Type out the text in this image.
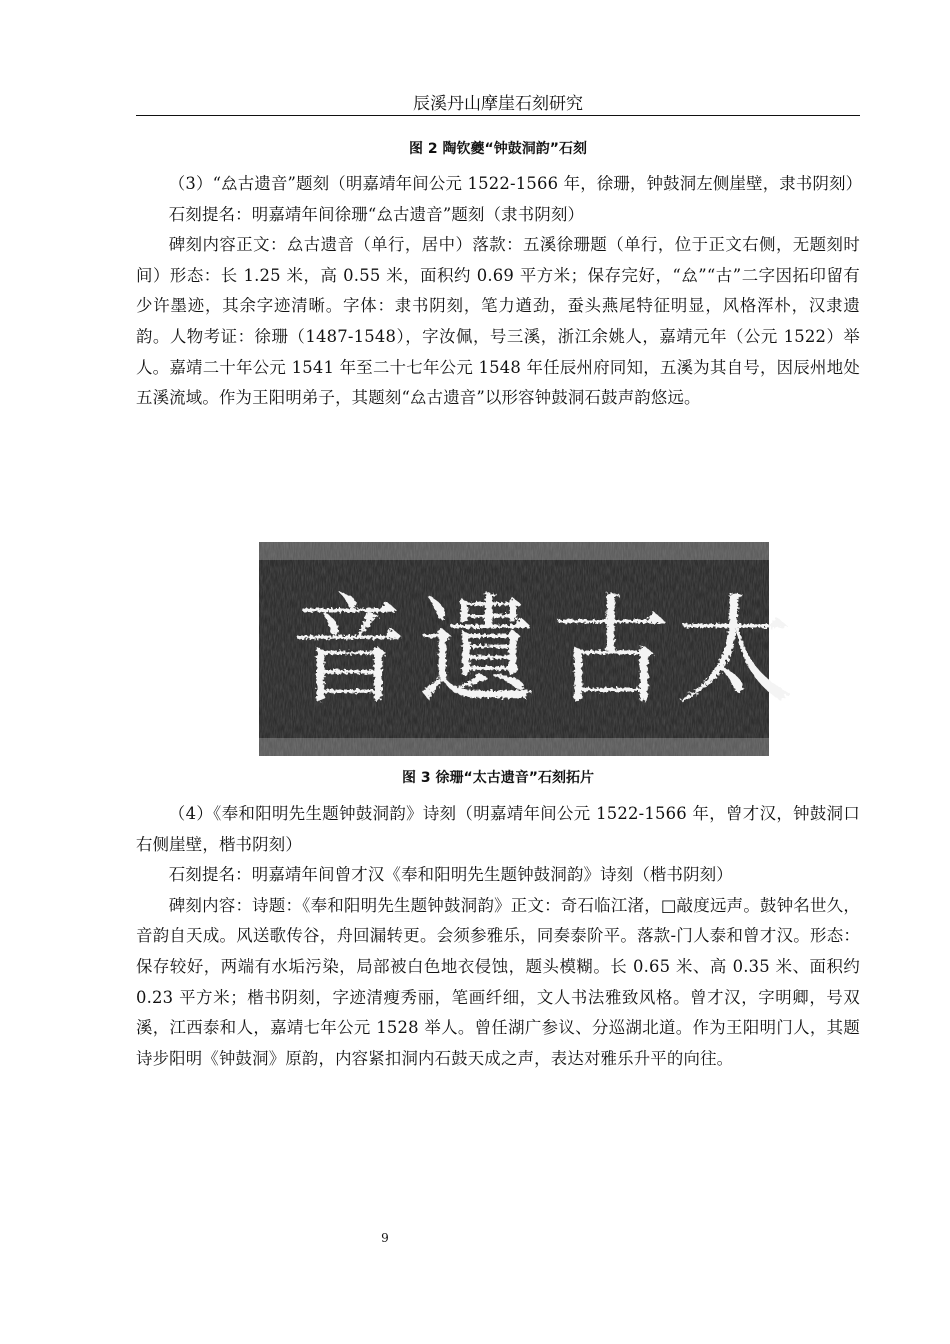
辰溪丹山摩崖石刻研究
图 2 陶钦夔“钟鼓洞韵”石刻

（3）“厽古遗音”题刻（明嘉靖年间公元 1522-1566 年，徐珊，钟鼓洞左侧崖壁，隶书阴刻）

石刻提名：明嘉靖年间徐珊“厽古遗音”题刻（隶书阴刻）

碑刻内容正文：厽古遗音（单行，居中）落款：五溪徐珊题（单行，位于正文右侧，无题刻时间）形态：长 1.25 米，高 0.55 米，面积约 0.69 平方米；保存完好，“厽”“古”二字因拓印留有少许墨迹，其余字迹清晰。字体：隶书阴刻，笔力遒劲，蚕头燕尾特征明显，风格浑朴，汉隶遗韵。人物考证：徐珊（1487-1548），字汝佩，号三溪，浙江余姚人，嘉靖元年（公元 1522）举人。嘉靖二十年公元 1541 年至二十七年公元 1548 年任辰州府同知，五溪为其自号，因辰州地处五溪流域。作为王阳明弟子，其题刻“厽古遗音”以形容钟鼓洞石鼓声韵悠远。

音 遺 古 太
图 3 徐珊“太古遗音”石刻拓片

（4）《奉和阳明先生题钟鼓洞韵》诗刻（明嘉靖年间公元 1522-1566 年，曾才汉，钟鼓洞口右侧崖壁，楷书阴刻）

石刻提名：明嘉靖年间曾才汉《奉和阳明先生题钟鼓洞韵》诗刻（楷书阴刻）

碑刻内容：诗题：《奉和阳明先生题钟鼓洞韵》正文：奇石临江渚，□敲度远声。鼓钟名世久，音韵自天成。风送歌传谷，舟回漏转更。会须参雅乐，同奏泰阶平。落款-门人泰和曾才汉。形态：保存较好，两端有水垢污染，局部被白色地衣侵蚀，题头模糊。长 0.65 米、高 0.35 米、面积约 0.23 平方米；楷书阴刻，字迹清瘦秀丽，笔画纤细，文人书法雅致风格。曾才汉，字明卿，号双溪，江西泰和人，嘉靖七年公元 1528 举人。曾任湖广参议、分巡湖北道。作为王阳明门人，其题诗步阳明《钟鼓洞》原韵，内容紧扣洞内石鼓天成之声，表达对雅乐升平的向往。

9
